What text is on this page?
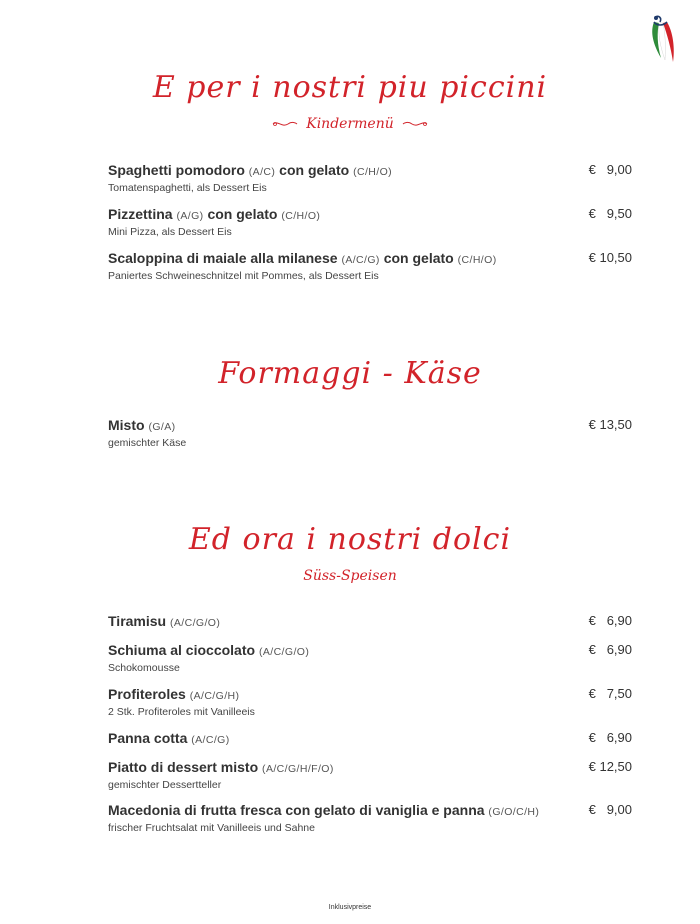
E per i nostri piu piccini
Kindermenü
Spaghetti pomodoro (A/C) con gelato (C/H/O)
Tomatenspaghetti, als Dessert Eis
€   9,00
Pizzettina (A/G) con gelato (C/H/O)
Mini Pizza, als Dessert Eis
€   9,50
Scaloppina di maiale alla milanese (A/C/G) con gelato (C/H/O)
Paniertes Schweineschnitzel mit Pommes, als Dessert Eis
€ 10,50
Formaggi - Käse
Misto (G/A)
gemischter Käse
€ 13,50
Ed ora i nostri dolci
Süss-Speisen
Tiramisu (A/C/G/O)	€   6,90
Schiuma al cioccolato (A/C/G/O)
Schokomousse
€   6,90
Profiteroles (A/C/G/H)
2 Stk. Profiteroles mit Vanilleeis
€   7,50
Panna cotta (A/C/G)	€   6,90
Piatto di dessert misto (A/C/G/H/F/O)
gemischter Dessertteller
€ 12,50
Macedonia di frutta fresca con gelato di vaniglia e panna (G/O/C/H)
frischer Fruchtsalat mit Vanilleeis und Sahne
€   9,00
Inklusivpreise
